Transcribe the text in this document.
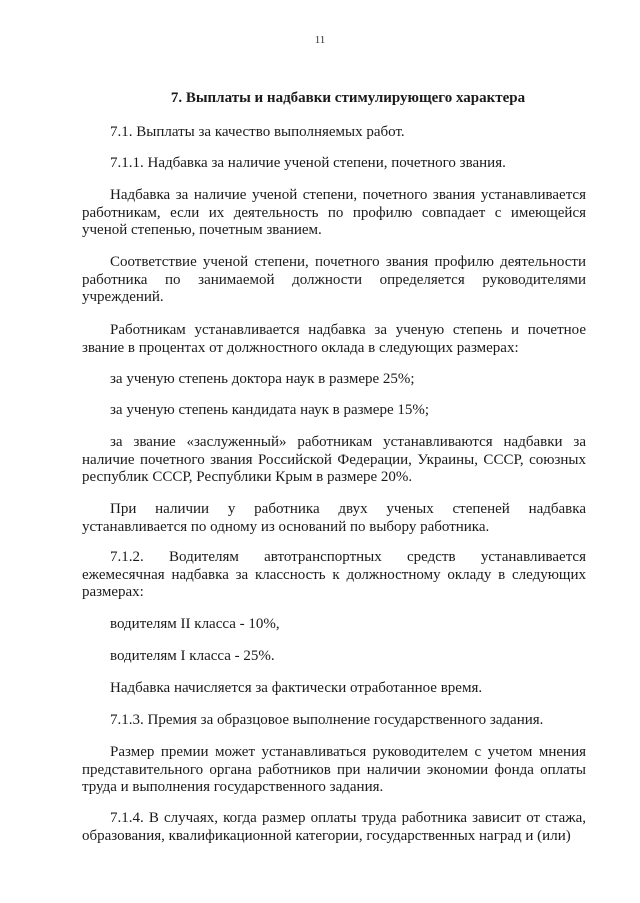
11
7. Выплаты и надбавки стимулирующего характера
7.1. Выплаты за качество выполняемых работ.
7.1.1. Надбавка за наличие ученой степени, почетного звания.

Надбавка за наличие ученой степени, почетного звания устанавливается работникам, если их деятельность по профилю совпадает с имеющейся ученой степенью, почетным званием.

Соответствие ученой степени, почетного звания профилю деятельности работника по занимаемой должности определяется руководителями учреждений.

Работникам устанавливается надбавка за ученую степень и почетное звание в процентах от должностного оклада в следующих размерах:

за ученую степень доктора наук в размере 25%;
за ученую степень кандидата наук в размере 15%;

за звание «заслуженный» работникам устанавливаются надбавки за наличие почетного звания Российской Федерации, Украины, СССР, союзных республик СССР, Республики Крым в размере 20%.

При наличии у работника двух ученых степеней надбавка устанавливается по одному из оснований по выбору работника.

7.1.2. Водителям автотранспортных средств устанавливается ежемесячная надбавка за классность к должностному окладу в следующих размерах:

водителям II класса - 10%,
водителям I класса - 25%.
Надбавка начисляется за фактически отработанное время.
7.1.3. Премия за образцовое выполнение государственного задания.

Размер премии может устанавливаться руководителем с учетом мнения представительного органа работников при наличии экономии фонда оплаты труда и выполнения государственного задания.

7.1.4. В случаях, когда размер оплаты труда работника зависит от стажа, образования, квалификационной категории, государственных наград и (или)
